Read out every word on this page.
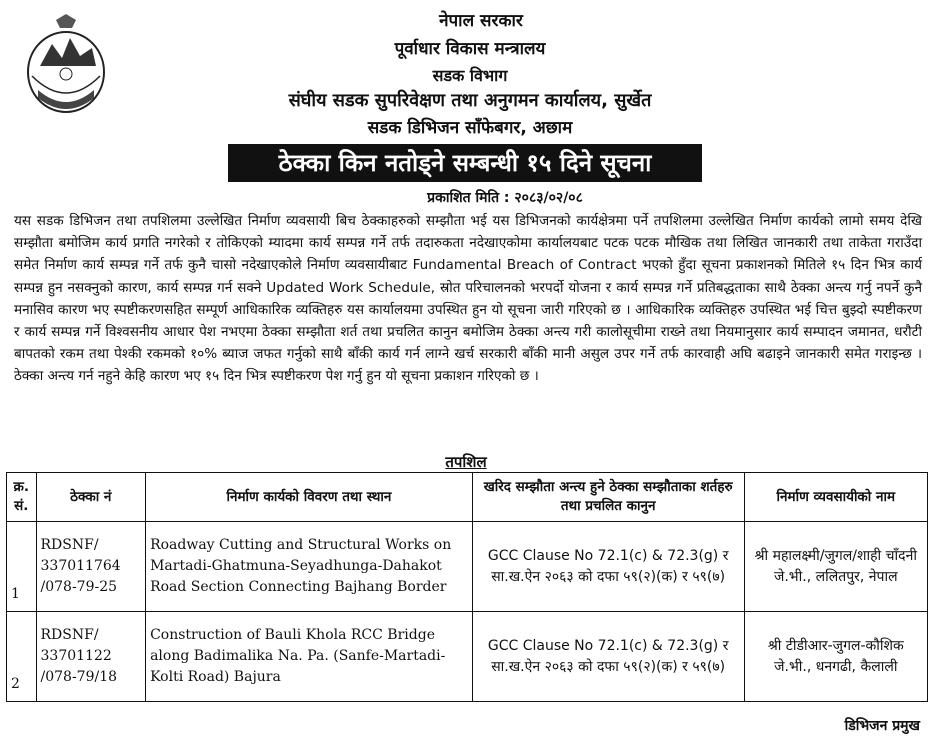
नेपाल सरकार
पूर्वाधार विकास मन्त्रालय
सडक विभाग
संघीय सडक सुपरिवेक्षण तथा अनुगमन कार्यालय, सुर्खेत
सडक डिभिजन साँफेबगर, अछाम
ठेक्का किन नतोड्ने सम्बन्धी १५ दिने सूचना
प्रकाशित मिति : २०८३/०२/०८
यस सडक डिभिजन तथा तपशिलमा उल्लेखित निर्माण व्यवसायी बिच ठेक्काहरुको सम्झौता भई यस डिभिजनको कार्यक्षेत्रमा पर्ने तपशिलमा उल्लेखित निर्माण कार्यको लामो समय देखि सम्झौता बमोजिम कार्य प्रगति नगरेको र तोकिएको म्यादमा कार्य सम्पन्न गर्ने तर्फ तदारुकता नदेखाएकोमा कार्यालयबाट पटक पटक मौखिक तथा लिखित जानकारी तथा ताकेता गराउँदा समेत निर्माण कार्य सम्पन्न गर्ने तर्फ कुनै चासो नदेखाएकोले निर्माण व्यवसायीबाट Fundamental Breach of Contract भएको हुँदा सूचना प्रकाशनको मितिले १५ दिन भित्र कार्य सम्पन्न हुन नसक्नुको कारण, कार्य सम्पन्न गर्न सक्ने Updated Work Schedule, स्रोत परिचालनको भरपर्दो योजना र कार्य सम्पन्न गर्ने प्रतिबद्धताका साथै ठेक्का अन्त्य गर्नु नपर्ने कुनै मनासिव कारण भए स्पष्टीकरणसहित सम्पूर्ण आधिकारिक व्यक्तिहरु यस कार्यालयमा उपस्थित हुन यो सूचना जारी गरिएको छ । आधिकारिक व्यक्तिहरु उपस्थित भई चित्त बुझ्दो स्पष्टीकरण र कार्य सम्पन्न गर्ने विश्वसनीय आधार पेश नभएमा ठेक्का सम्झौता शर्त तथा प्रचलित कानुन बमोजिम ठेक्का अन्त्य गरी कालोसूचीमा राख्ने तथा नियमानुसार कार्य सम्पादन जमानत, धरौटी बापतको रकम तथा पेश्की रकमको १०% ब्याज जफत गर्नुको साथै बाँकी कार्य गर्न लाग्ने खर्च सरकारी बाँकी मानी असुल उपर गर्ने तर्फ कारवाही अघि बढाइने जानकारी समेत गराइन्छ । ठेक्का अन्त्य गर्न नहुने केहि कारण भए १५ दिन भित्र स्पष्टीकरण पेश गर्नु हुन यो सूचना प्रकाशन गरिएको छ ।
तपशिल
क्र. सं.	ठेक्का नं	निर्माण कार्यको विवरण तथा स्थान	खरिद सम्झौता अन्त्य हुने ठेक्का सम्झौताका शर्तहरु तथा प्रचलित कानुन	निर्माण व्यवसायीको नाम
1	RDSNF/ 337011764 /078-79-25	Roadway Cutting and Structural Works on Martadi-Ghatmuna-Seyadhunga-Dahakot Road Section Connecting Bajhang Border	GCC Clause No 72.1(c) & 72.3(g) र सा.ख.ऐन २०६३ को दफा ५९(२)(क) र ५९(७)	श्री महालक्ष्मी/जुगल/शाही चाँदनी जे.भी., ललितपुर, नेपाल
2	RDSNF/ 33701122 /078-79/18	Construction of Bauli Khola RCC Bridge along Badimalika Na. Pa. (Sanfe-Martadi-Kolti Road) Bajura	GCC Clause No 72.1(c) & 72.3(g) र सा.ख.ऐन २०६३ को दफा ५९(२)(क) र ५९(७)	श्री टीडीआर-जुगल-कौशिक जे.भी., धनगढी, कैलाली
डिभिजन प्रमुख
